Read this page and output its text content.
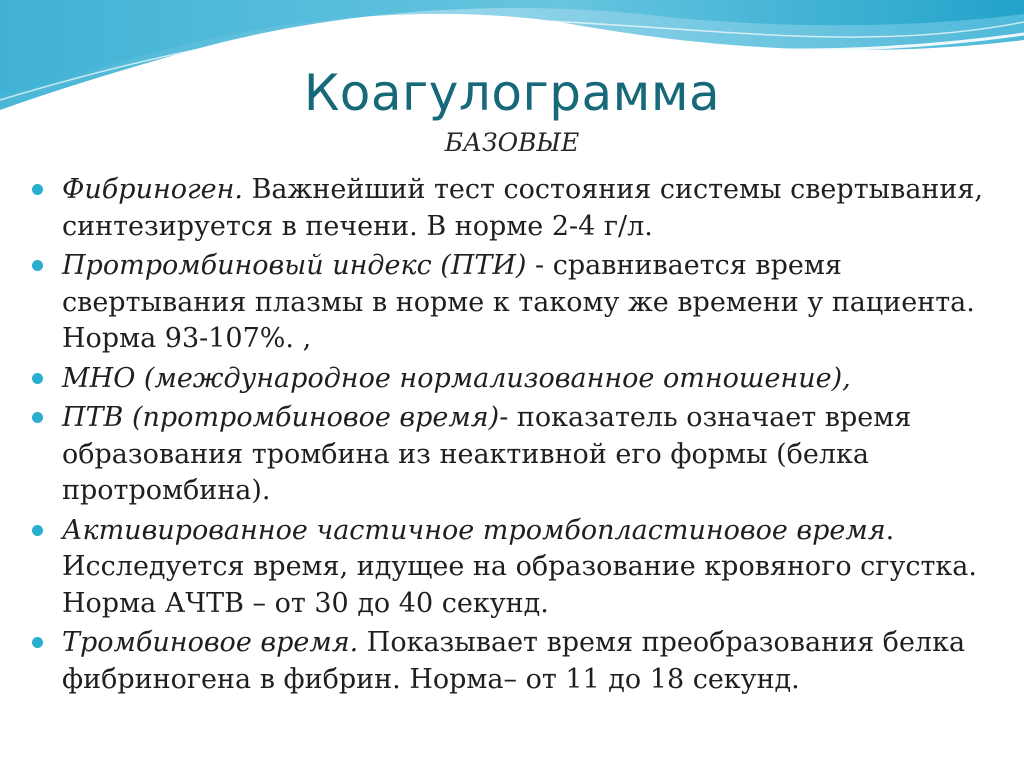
Коагулограмма
БАЗОВЫЕ
Фибриноген. Важнейший тест состояния системы свертывания, синтезируется в печени. В норме 2-4 г/л.
Протромбиновый индекс (ПТИ) - сравнивается время свертывания плазмы в норме к такому же времени у пациента. Норма 93-107%. ,
МНО (международное нормализованное отношение),
ПТВ (протромбиновое время)- показатель означает время образования тромбина из неактивной его формы (белка протромбина).
Активированное частичное тромбопластиновое время. Исследуется время, идущее на образование кровяного сгустка. Норма АЧТВ – от 30 до 40 секунд.
Тромбиновое время. Показывает время преобразования белка фибриногена в фибрин. Норма– от 11 до 18 секунд.
